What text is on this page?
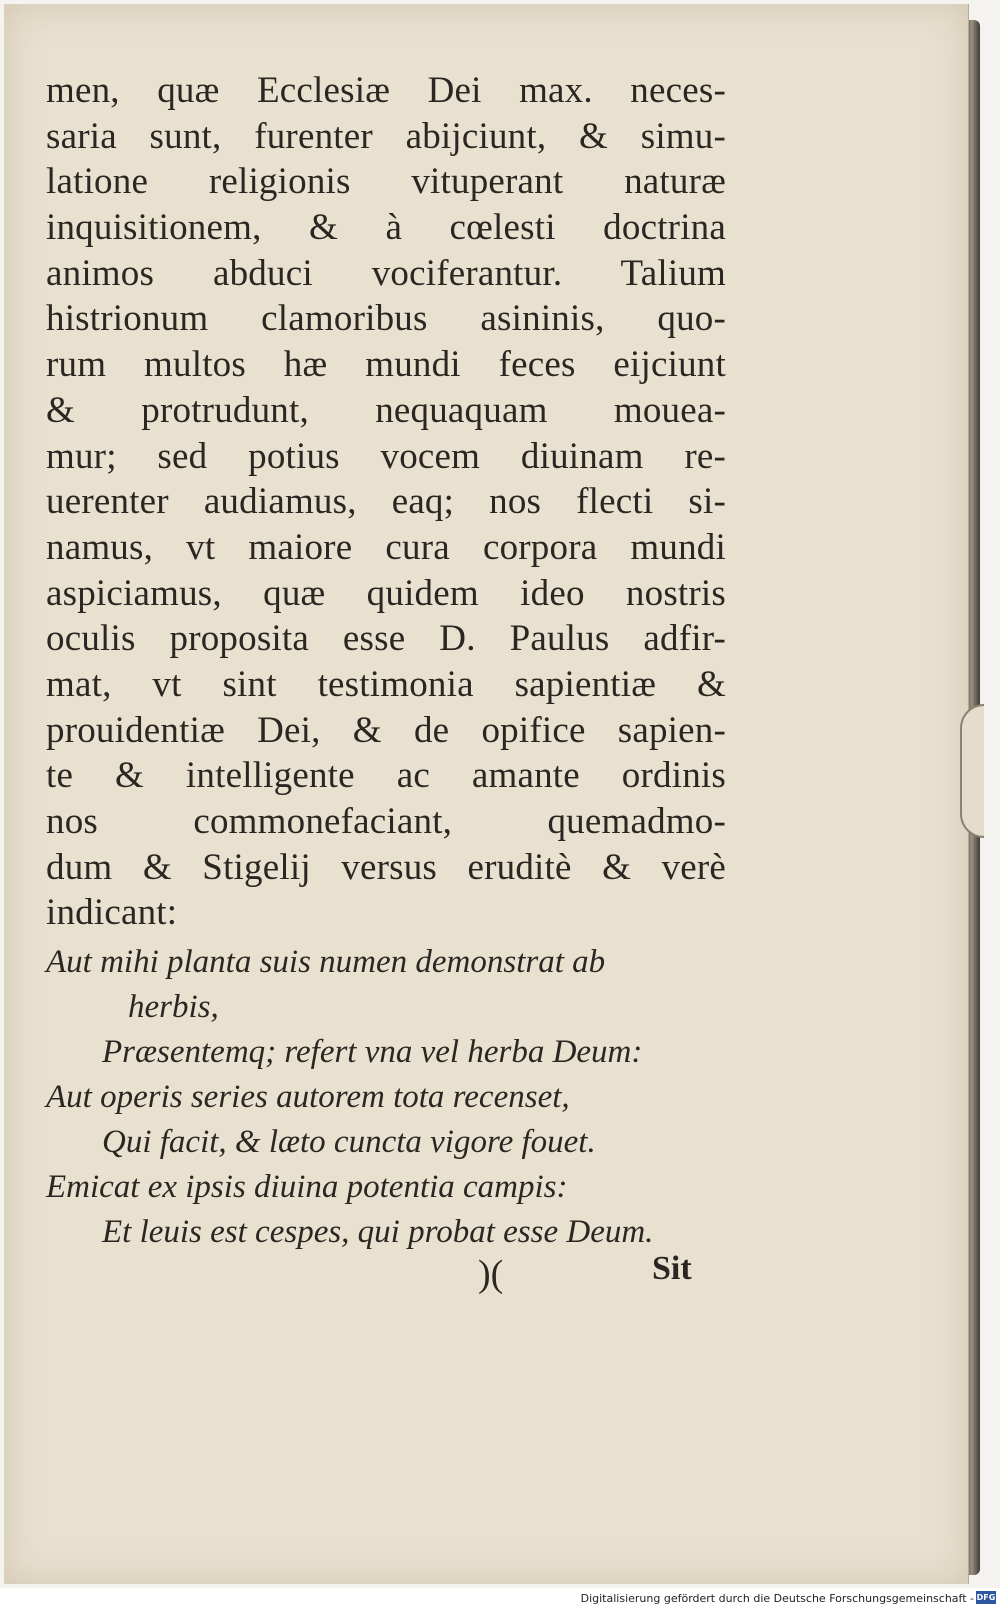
men, quæ Ecclesiæ Dei max. neces-
saria sunt, furenter abijciunt, & simu-
latione religionis vituperant naturæ
inquisitionem, & à cœlesti doctrina
animos abduci vociferantur. Talium
histrionum clamoribus asininis, quo-
rum multos hæ mundi feces eijciunt
& protrudunt, nequaquam mouea-
mur; sed potius vocem diuinam re-
uerenter audiamus, eaq; nos flecti si-
namus, vt maiore cura corpora mundi
aspiciamus, quæ quidem ideo nostris
oculis proposita esse D. Paulus adfir-
mat, vt sint testimonia sapientiæ &
prouidentiæ Dei, & de opifice sapien-
te & intelligente ac amante ordinis
nos commonefaciant, quemadmo-
dum & Stigelij versus eruditè & verè
indicant:
Aut mihi planta suis numen demonstrat ab
herbis,
Præsentemq; refert vna vel herba Deum:
Aut operis series autorem tota recenset,
Qui facit, & læto cuncta vigore fouet.
Emicat ex ipsis diuina potentia campis:
Et leuis est cespes, qui probat esse Deum.
)(	Sit
Digitalisierung gefördert durch die Deutsche Forschungsgemeinschaft - DFG
